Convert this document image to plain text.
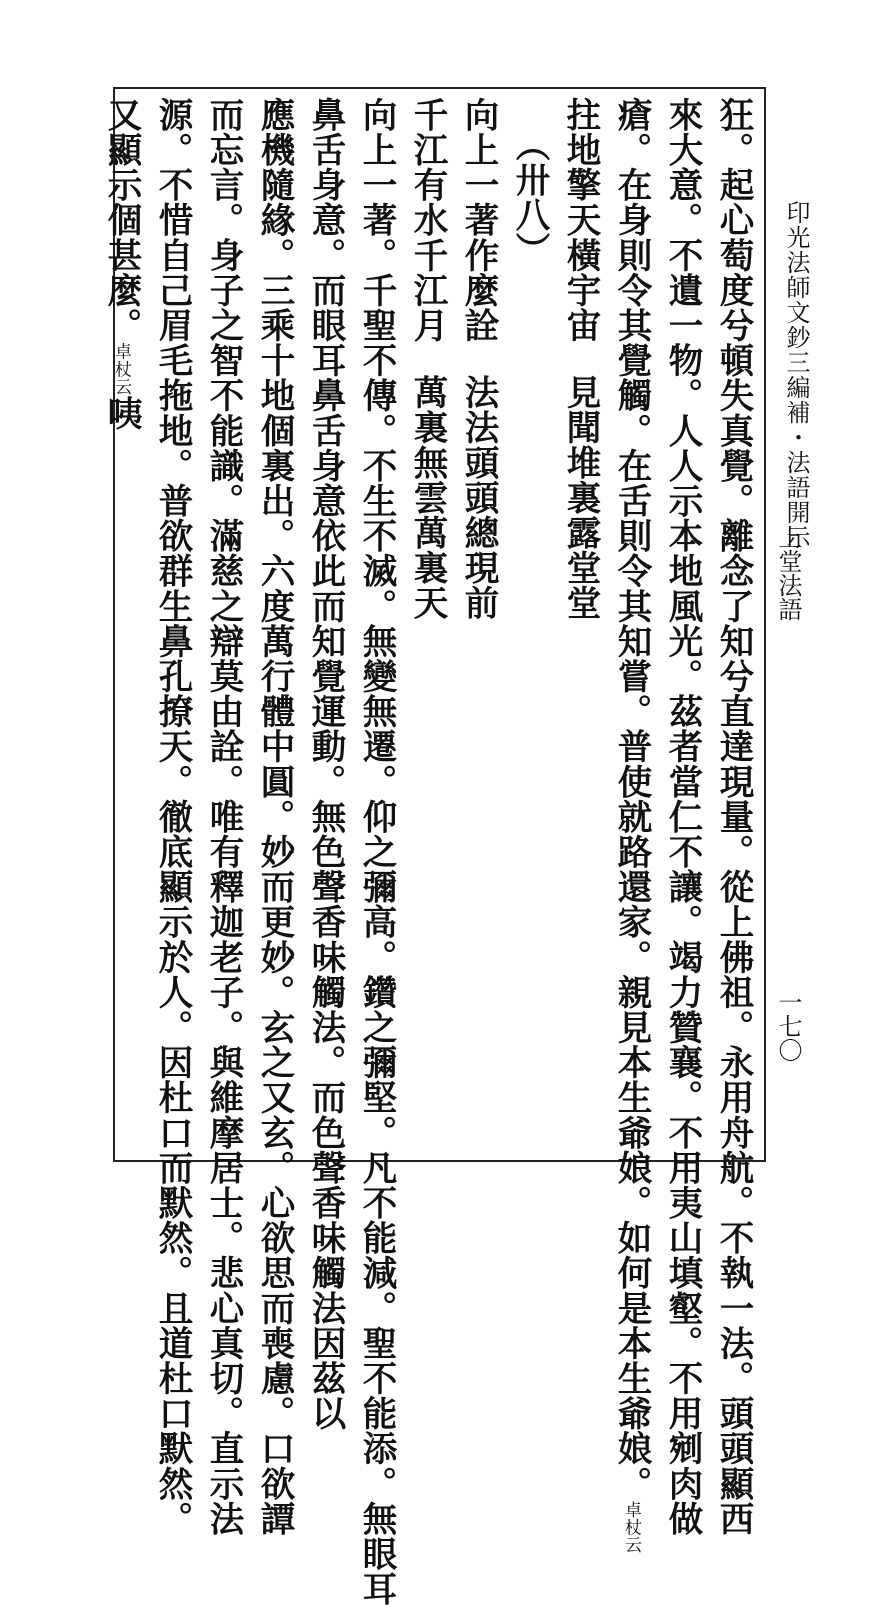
印光法師文鈔三編補・法語開示
上堂法語
一七〇
狂。起心萄度兮頓失真覺。離念了知兮直達現量。從上佛祖。永用舟航。不執一法。頭頭顯西
來大意。不遺一物。人人示本地風光。茲者當仁不讓。竭力贊襄。不用夷山填壑。不用剜肉做
瘡。在身則令其覺觸。在舌則令其知嘗。普使就路還家。親見本生爺娘。如何是本生爺娘。卓杖云
拄地擎天橫宇宙見聞堆裏露堂堂
（卅八）
向上一著作麼詮法法頭頭總現前
千江有水千江月萬裏無雲萬裏天
向上一著。千聖不傳。不生不滅。無變無遷。仰之彌高。鑽之彌堅。凡不能減。聖不能添。無眼耳
鼻舌身意。而眼耳鼻舌身意依此而知覺運動。無色聲香味觸法。而色聲香味觸法因茲以
應機隨緣。三乘十地個裏出。六度萬行體中圓。妙而更妙。玄之又玄。心欲思而喪慮。口欲譚
而忘言。身子之智不能識。滿慈之辯莫由詮。唯有釋迦老子。與維摩居士。悲心真切。直示法
源。不惜自己眉毛拖地。普欲群生鼻孔撩天。徹底顯示於人。因杜口而默然。且道杜口默然。
又顯示個甚麼。卓杖云咦
